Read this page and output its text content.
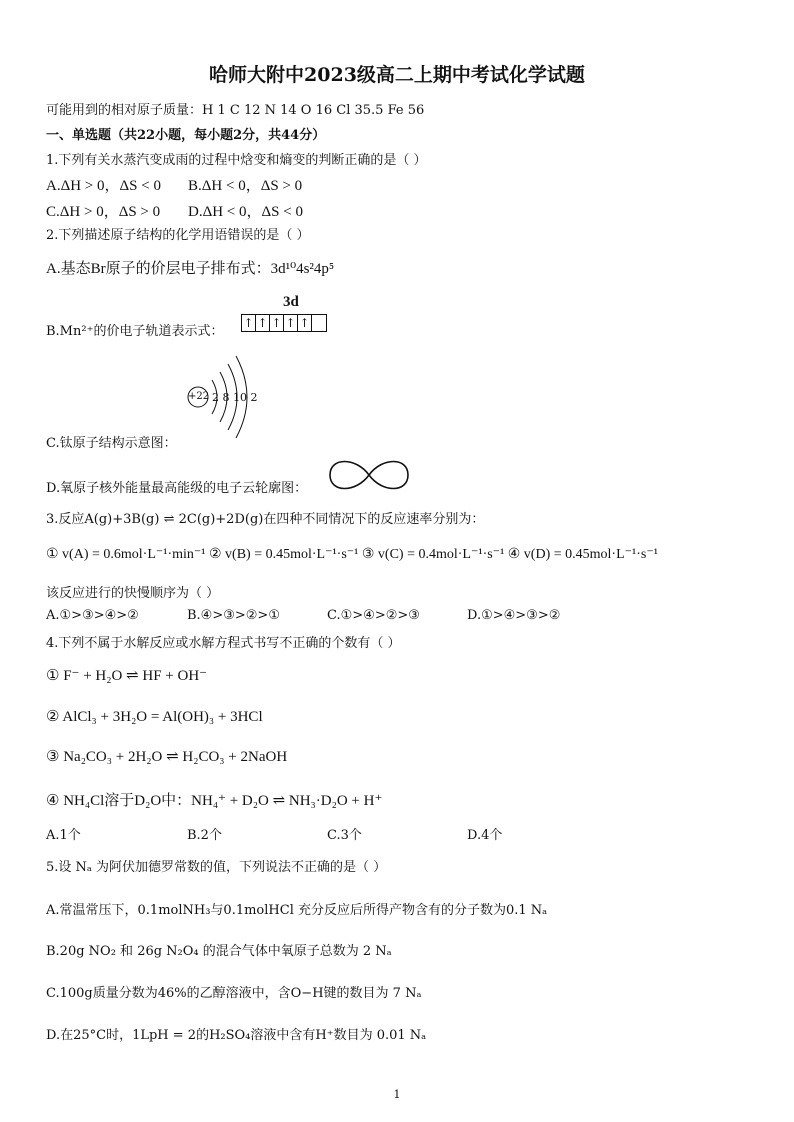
哈师大附中2023级高二上期中考试化学试题
可能用到的相对原子质量：H 1 C 12 N 14 O 16 Cl 35.5 Fe 56
一、单选题（共22小题，每小题2分，共44分）
1.下列有关水蒸汽变成雨的过程中焓变和熵变的判断正确的是（ ）
A.ΔH > 0，ΔS < 0 B.ΔH < 0，ΔS > 0
C.ΔH > 0，ΔS > 0 D.ΔH < 0，ΔS < 0
2.下列描述原子结构的化学用语错误的是（ ）
A.基态Br原子的价层电子排布式：3d¹⁰4s²4p⁵
3d
B.Mn²⁺的价电子轨道表示式：
↑ ↑ ↑ ↑ ↑
+22 2 8 10 2
C.钛原子结构示意图：
D.氧原子核外能量最高能级的电子云轮廓图：
3.反应A(g)+3B(g) ⇌ 2C(g)+2D(g)在四种不同情况下的反应速率分别为：
① v(A) = 0.6mol·L⁻¹·min⁻¹ ② v(B) = 0.45mol·L⁻¹·s⁻¹ ③ v(C) = 0.4mol·L⁻¹·s⁻¹ ④ v(D) = 0.45mol·L⁻¹·s⁻¹
该反应进行的快慢顺序为（ ）
A.①>③>④>②	B.④>③>②>①	C.①>④>②>③	D.①>④>③>②
4.下列不属于水解反应或水解方程式书写不正确的个数有（ ）
① F⁻ + H₂O ⇌ HF + OH⁻
② AlCl₃ + 3H₂O = Al(OH)₃ + 3HCl
③ Na₂CO₃ + 2H₂O ⇌ H₂CO₃ + 2NaOH
④ NH₄Cl溶于D₂O中：NH₄⁺ + D₂O ⇌ NH₃·D₂O + H⁺
A.1个	B.2个	C.3个	D.4个
5.设 Nₐ 为阿伏加德罗常数的值，下列说法不正确的是（ ）
A.常温常压下，0.1molNH₃与0.1molHCl 充分反应后所得产物含有的分子数为0.1 Nₐ
B.20g NO₂ 和 26g N₂O₄ 的混合气体中氧原子总数为 2 Nₐ
C.100g质量分数为46%的乙醇溶液中，含O−H键的数目为 7 Nₐ
D.在25°C时，1LpH = 2的H₂SO₄溶液中含有H⁺数目为 0.01 Nₐ
1
